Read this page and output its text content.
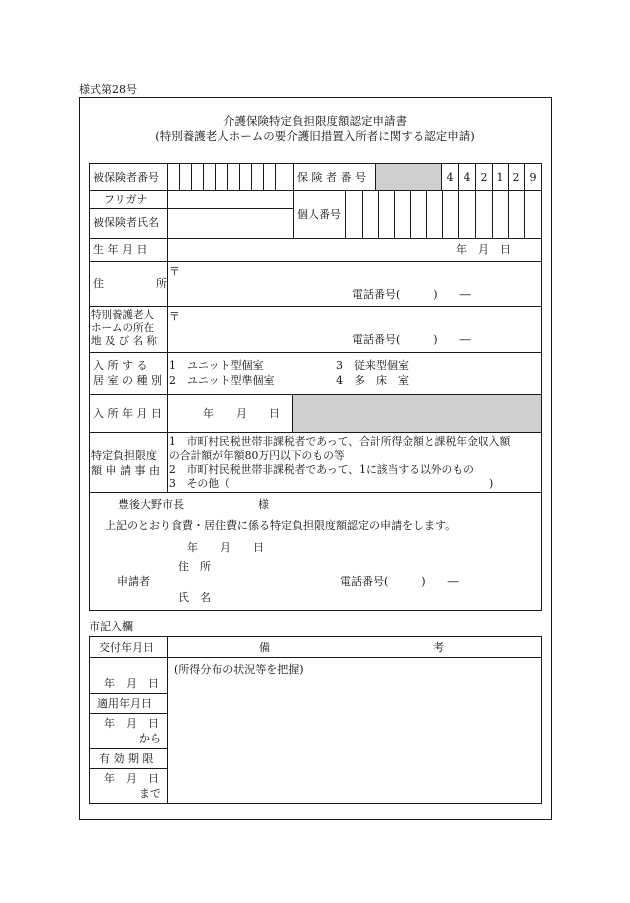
様式第28号
介護保険特定負担限度額認定申請書
(特別養護老人ホームの要介護旧措置入所者に関する認定申請)
被保険者番号	保 険 者 番 号	4 4 2 1 2 9
フリガナ
被保険者氏名
個人番号
生 年 月 日	年　月　日
住	所
〒
電話番号(　　　)　　―
特別養護老人
ホームの所在
地 及 び 名 称
〒
電話番号(　　　)　　―
入 所 す る
居 室 の 種 別
1　ユニット型個室
2　ユニット型準個室
3　従来型個室
4　多　床　室
入 所 年 月 日	年　　月　　日
特定負担限度
額 申 請 事 由
1　市町村民税世帯非課税者であって、合計所得金額と課税年金収入額
の合計額が年額80万円以下のもの等
2　市町村民税世帯非課税者であって、1に該当する以外のもの
3　その他（	)
豊後大野市長	様
上記のとおり食費・居住費に係る特定負担限度額認定の申請をします。
年　　月　　日
住　所
申請者
氏　名
電話番号(　　　)　　―
市記入欄
交付年月日	備	考
(所得分布の状況等を把握)
年　月　日
適用年月日
年　月　日
から
有 効 期 限
年　月　日
まで
